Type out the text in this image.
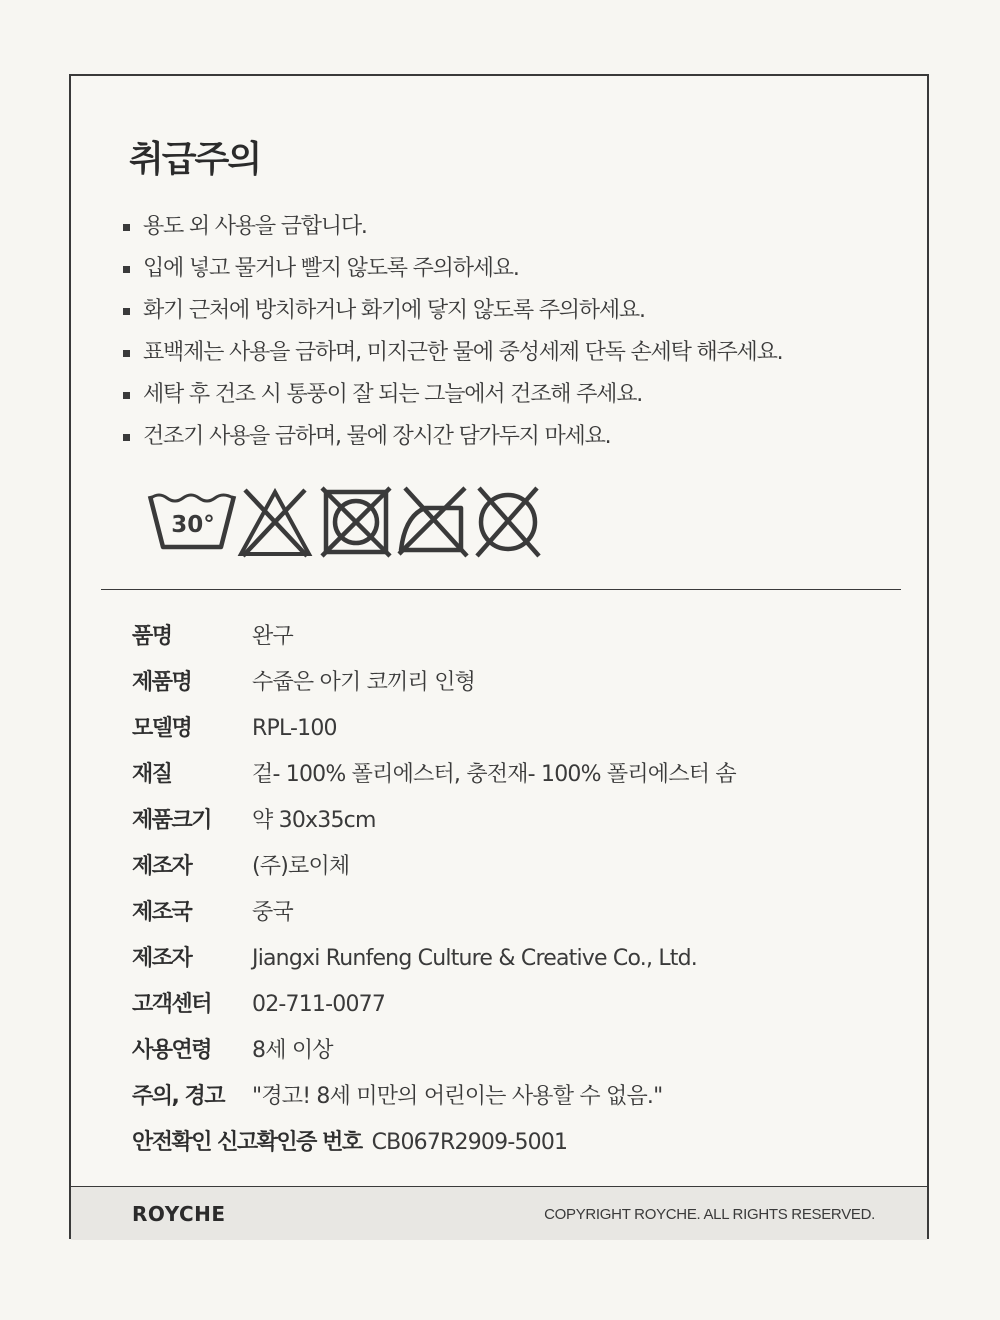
취급주의
용도 외 사용을 금합니다.
입에 넣고 물거나 빨지 않도록 주의하세요.
화기 근처에 방치하거나 화기에 닿지 않도록 주의하세요.
표백제는 사용을 금하며, 미지근한 물에 중성세제 단독 손세탁 해주세요.
세탁 후 건조 시 통풍이 잘 되는 그늘에서 건조해 주세요.
건조기 사용을 금하며, 물에 장시간 담가두지 마세요.
30°
품명	완구
제품명	수줍은 아기 코끼리 인형
모델명	RPL-100
재질	겉- 100% 폴리에스터, 충전재- 100% 폴리에스터 솜
제품크기 약 30x35cm
제조자	(주)로이체
제조국	중국
제조자	Jiangxi Runfeng Culture & Creative Co., Ltd.
고객센터 02-711-0077
사용연령 8세 이상
주의, 경고 "경고! 8세 미만의 어린이는 사용할 수 없음."
안전확인 신고확인증 번호 CB067R2909-5001
ROYCHE	COPYRIGHT ROYCHE. ALL RIGHTS RESERVED.
